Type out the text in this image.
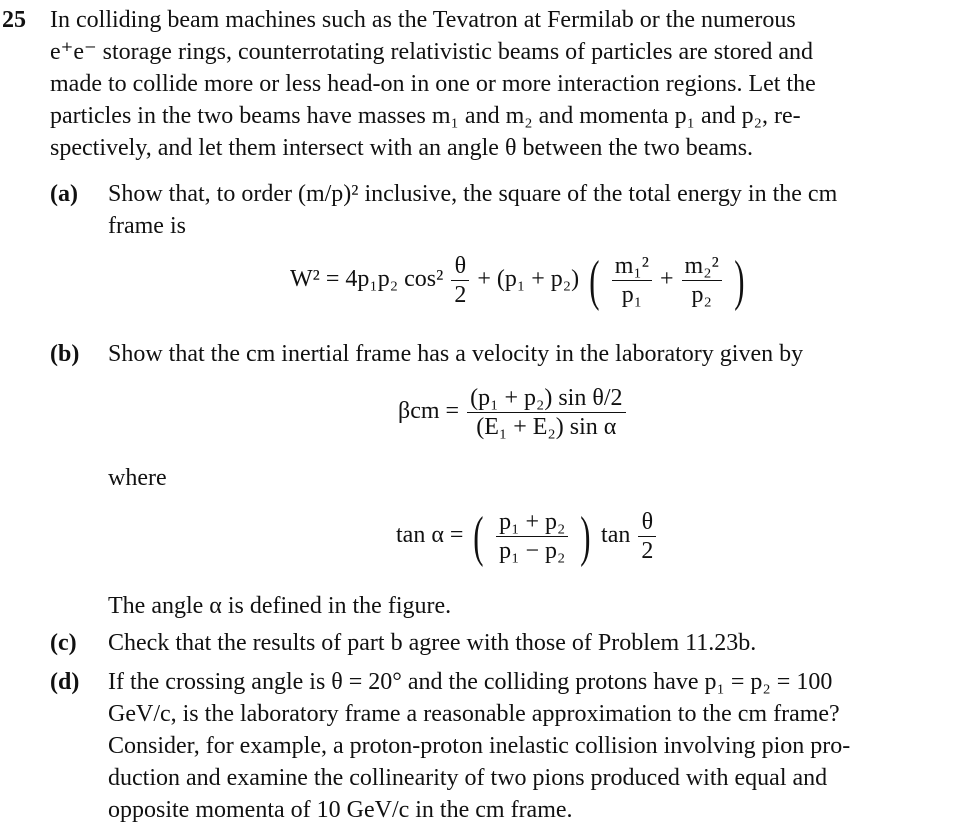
25 In colliding beam machines such as the Tevatron at Fermilab or the numerous
e⁺e⁻ storage rings, counterrotating relativistic beams of particles are stored and
made to collide more or less head-on in one or more interaction regions. Let the
particles in the two beams have masses m₁ and m₂ and momenta p₁ and p₂, re-
spectively, and let them intersect with an angle θ between the two beams.
(a) Show that, to order (m/p)² inclusive, the square of the total energy in the cm
frame is
W² = 4p₁p₂ $\cos^2 \frac{\theta}{2} + (p_1 + p_2)$ ( $\frac{\text{m₁²}}{\text{p₁}} + \frac{\text{m₂²}}{\text{p₂}}$ )
(b) Show that the cm inertial frame has a velocity in the laboratory given by
$\beta cm = \frac{\text{(p₁ + p₂) sin θ/2}}{\text{(E₁ + E₂) sin α}}$
where
tan α = ( $\frac{\text{p₁ + p₂}}{\text{p₁ − p₂}}$ ) $\tan \frac{\theta}{2}$
The angle α is defined in the figure.
(c) Check that the results of part b agree with those of Problem 11.23b.
(d) If the crossing angle is θ = 20° and the colliding protons have p₁ = p₂ = 100
GeV/c, is the laboratory frame a reasonable approximation to the cm frame?
Consider, for example, a proton-proton inelastic collision involving pion pro-
duction and examine the collinearity of two pions produced with equal and
opposite momenta of 10 GeV/c in the cm frame.
